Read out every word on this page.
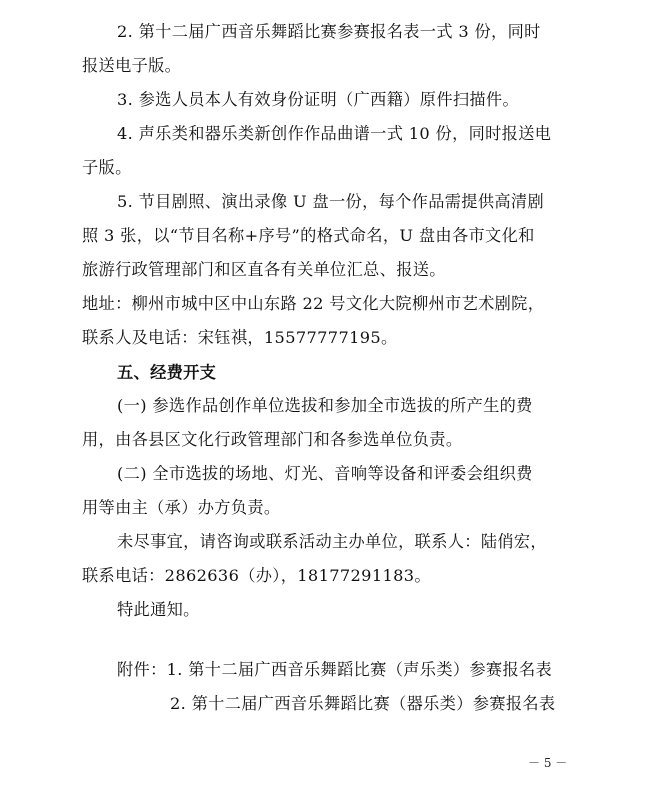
2. 第十二届广西音乐舞蹈比赛参赛报名表一式 3 份，同时
报送电子版。
3. 参选人员本人有效身份证明（广西籍）原件扫描件。
4. 声乐类和器乐类新创作作品曲谱一式 10 份，同时报送电
子版。
5. 节目剧照、演出录像 U 盘一份，每个作品需提供高清剧
照 3 张，以“节目名称+序号”的格式命名，U 盘由各市文化和
旅游行政管理部门和区直各有关单位汇总、报送。
地址：柳州市城中区中山东路 22 号文化大院柳州市艺术剧院，
联系人及电话：宋钰祺，15577777195。
五、经费开支
(一) 参选作品创作单位选拔和参加全市选拔的所产生的费
用，由各县区文化行政管理部门和各参选单位负责。
(二) 全市选拔的场地、灯光、音响等设备和评委会组织费
用等由主（承）办方负责。
未尽事宜，请咨询或联系活动主办单位，联系人：陆俏宏，
联系电话：2862636（办），18177291183。
特此通知。
附件：1. 第十二届广西音乐舞蹈比赛（声乐类）参赛报名表
2. 第十二届广西音乐舞蹈比赛（器乐类）参赛报名表
－ 5 －
